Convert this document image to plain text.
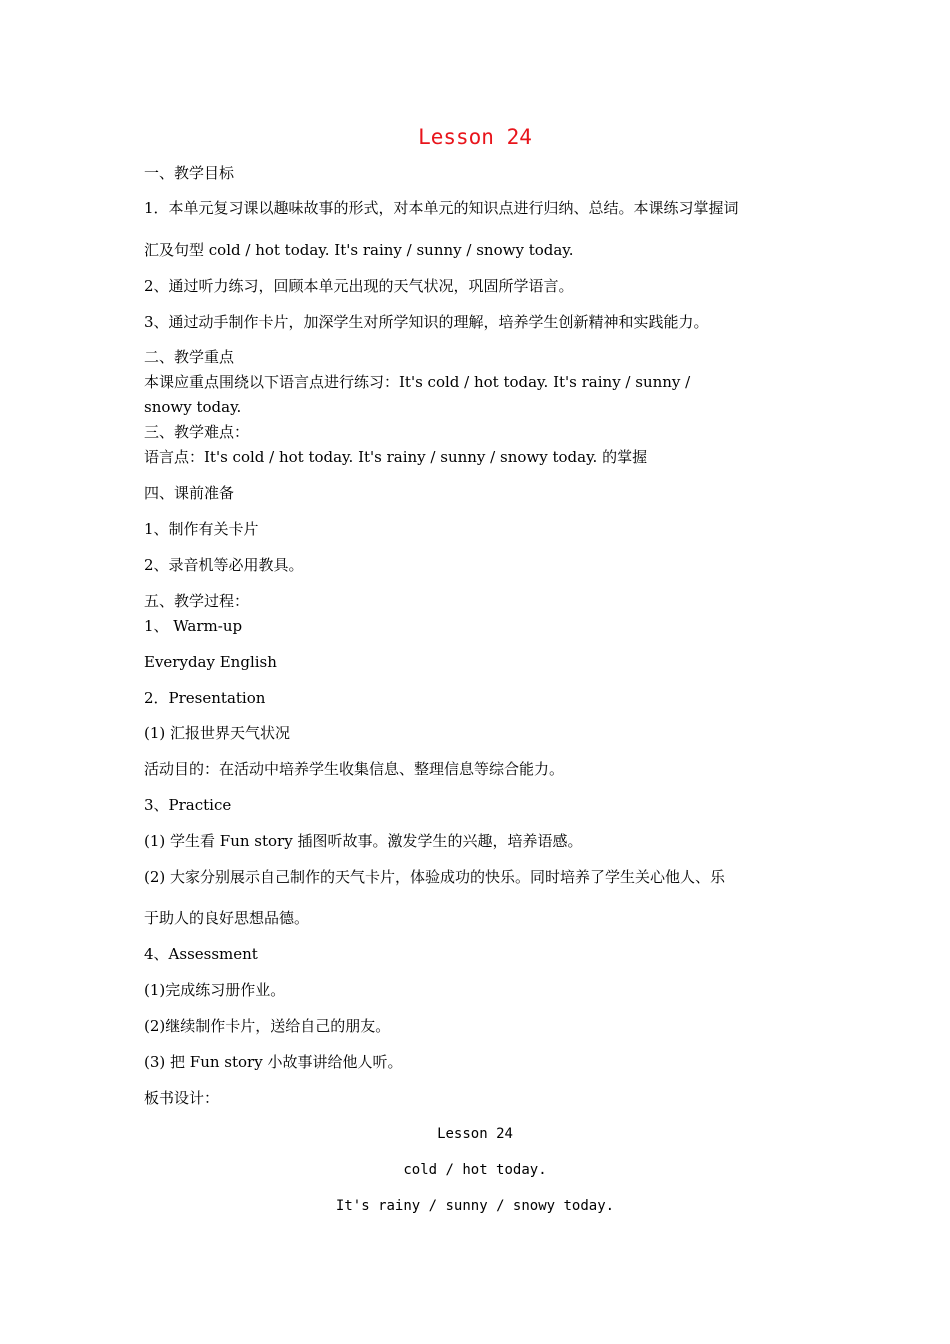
Lesson 24
一、教学目标
1．本单元复习课以趣味故事的形式，对本单元的知识点进行归纳、总结。本课练习掌握词
汇及句型 cold / hot today. It's rainy / sunny / snowy today.
2、通过听力练习，回顾本单元出现的天气状况，巩固所学语言。
3、通过动手制作卡片，加深学生对所学知识的理解，培养学生创新精神和实践能力。
二、教学重点
本课应重点围绕以下语言点进行练习：It's cold / hot today. It's rainy / sunny /
snowy today.
三、教学难点：
语言点：It's cold / hot today. It's rainy / sunny / snowy today. 的掌握
四、课前准备
1、制作有关卡片
2、录音机等必用教具。
五、教学过程：
1、 Warm-up
Everyday English
2．Presentation
(1) 汇报世界天气状况
活动目的：在活动中培养学生收集信息、整理信息等综合能力。
3、Practice
(1) 学生看 Fun story 插图听故事。激发学生的兴趣，培养语感。
(2) 大家分别展示自己制作的天气卡片，体验成功的快乐。同时培养了学生关心他人、乐
于助人的良好思想品德。
4、Assessment
(1)完成练习册作业。
(2)继续制作卡片，送给自己的朋友。
(3) 把 Fun story 小故事讲给他人听。
板书设计：
Lesson 24
cold / hot today.
It's rainy / sunny / snowy today.
